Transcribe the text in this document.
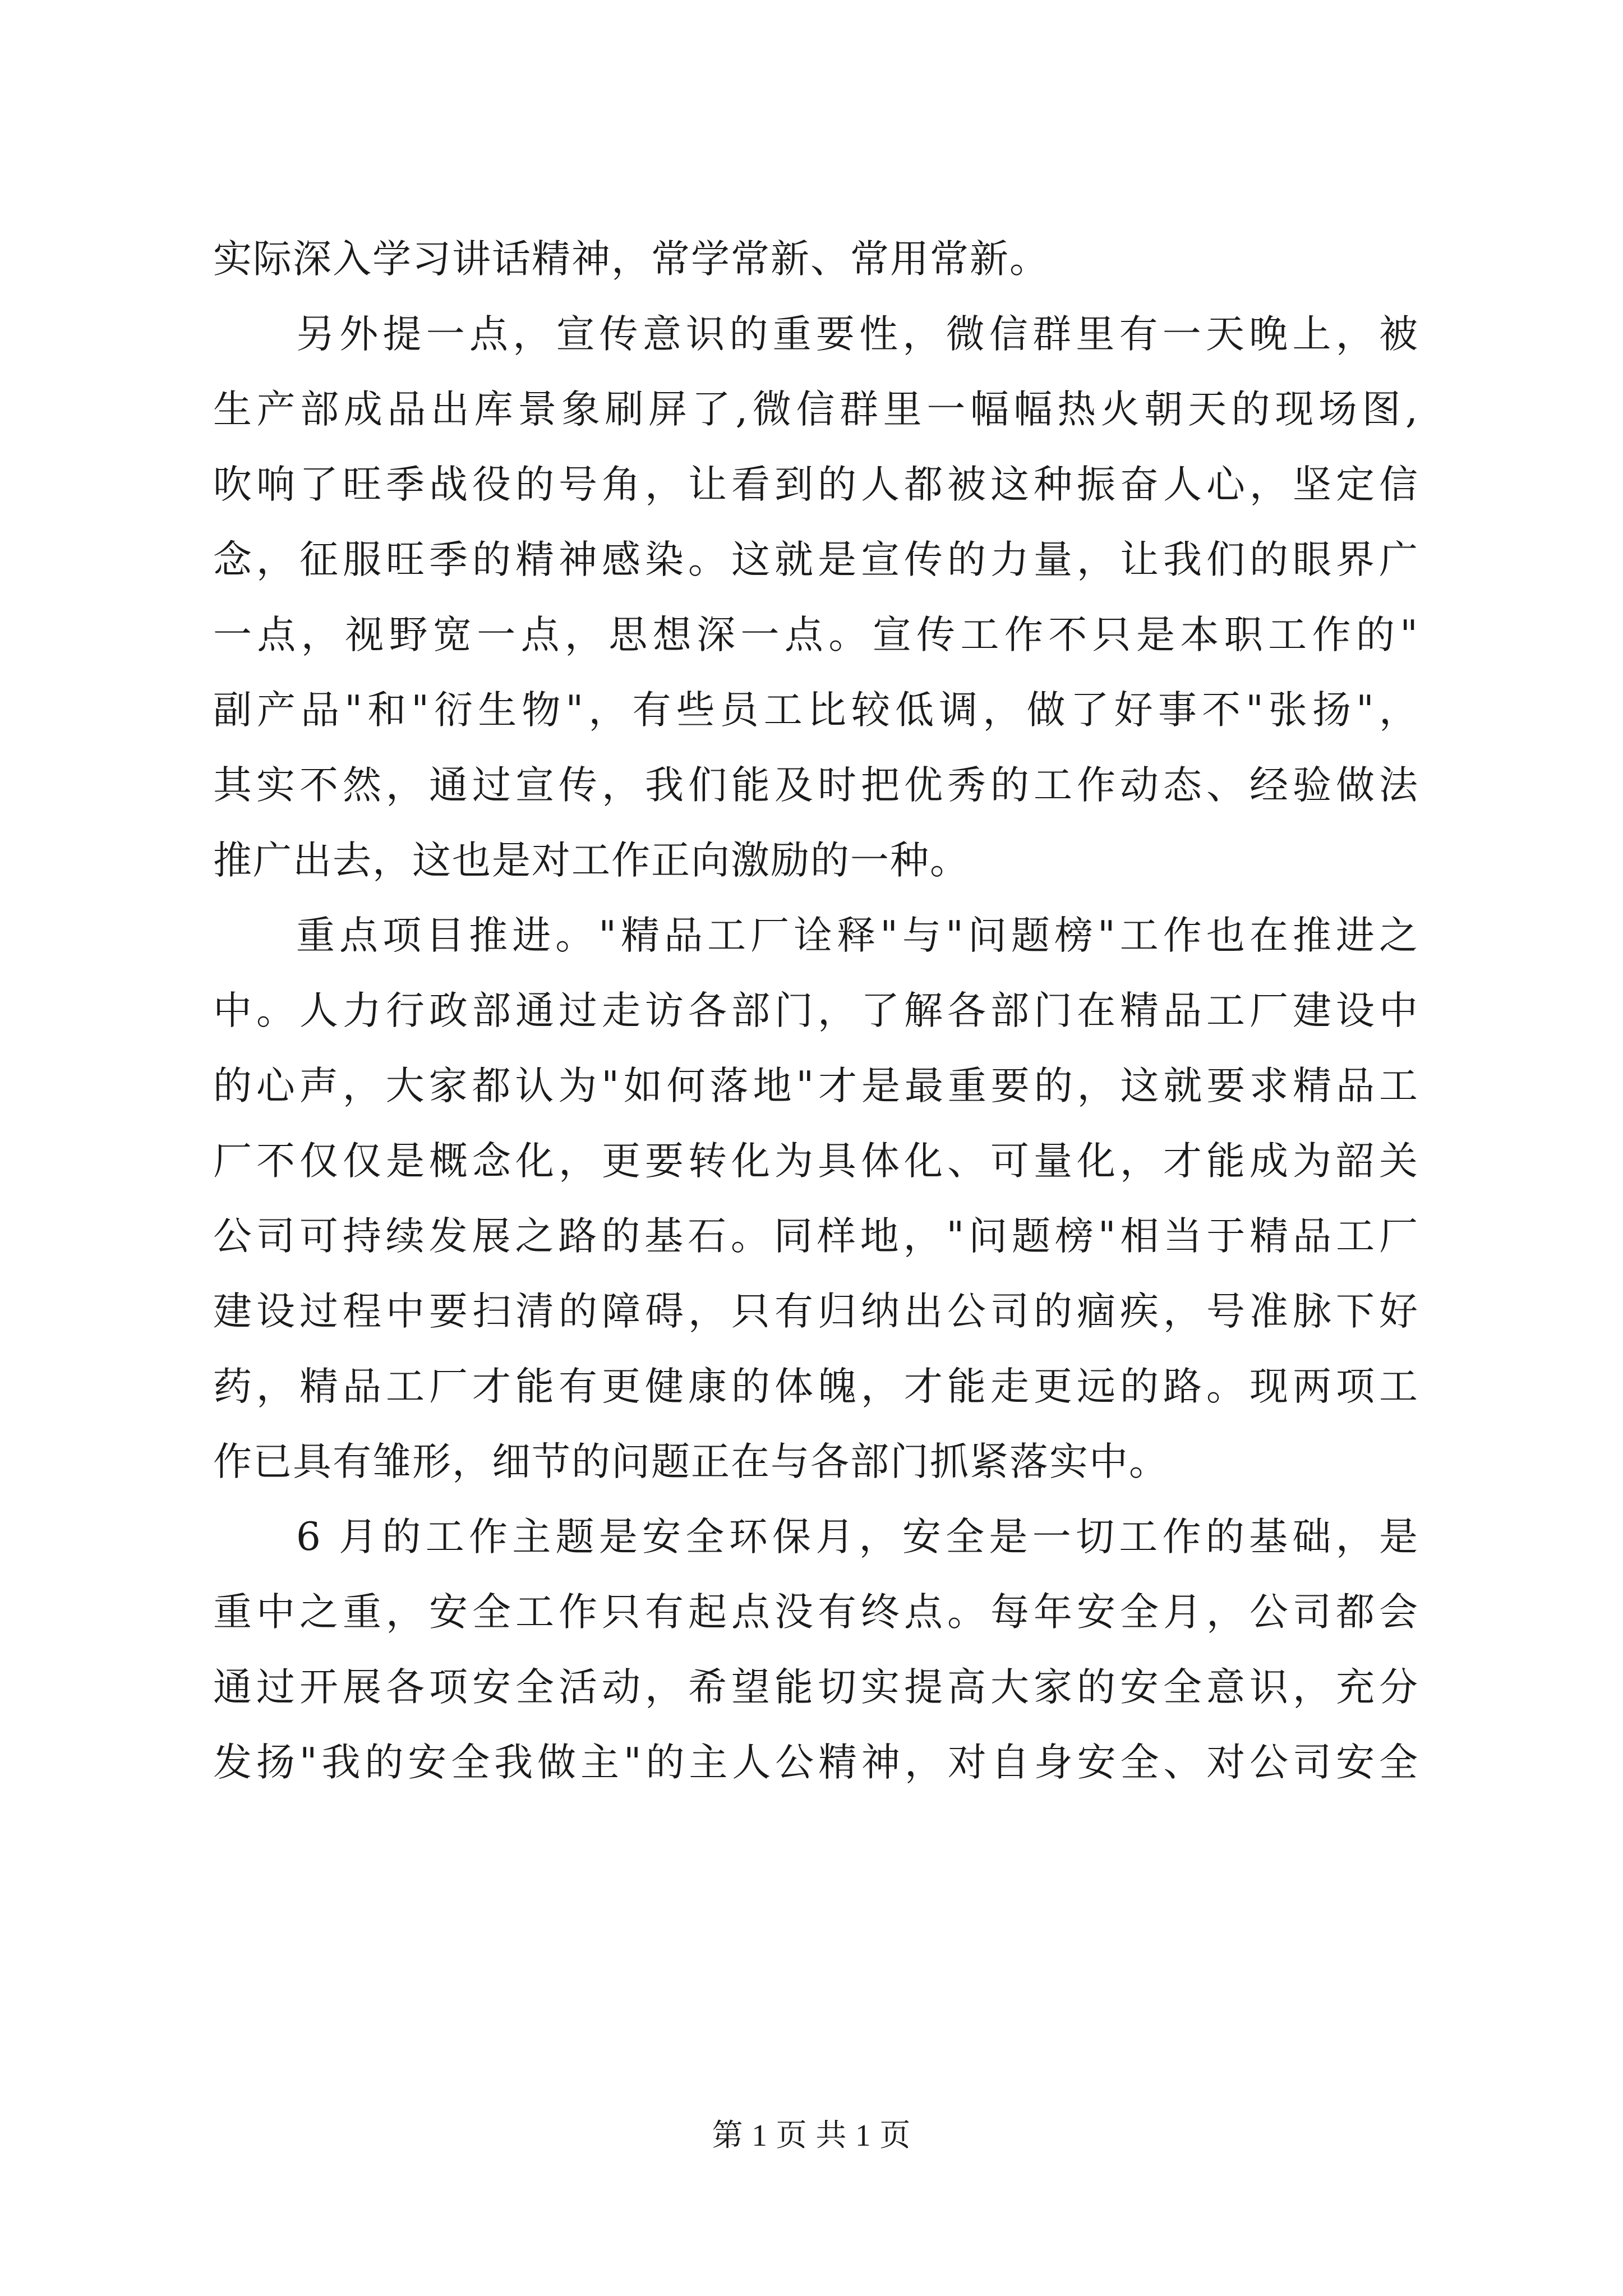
实际深入学习讲话精神，常学常新、常用常新。
另外提一点，宣传意识的重要性，微信群里有一天晚上，被
生产部成品出库景象刷屏了,微信群里一幅幅热火朝天的现场图,
吹响了旺季战役的号角，让看到的人都被这种振奋人心，坚定信
念，征服旺季的精神感染。这就是宣传的力量，让我们的眼界广
一点，视野宽一点，思想深一点。宣传工作不只是本职工作的"
副产品"和"衍生物"，有些员工比较低调，做了好事不"张扬"，
其实不然，通过宣传，我们能及时把优秀的工作动态、经验做法
推广出去，这也是对工作正向激励的一种。
重点项目推进。"精品工厂诠释"与"问题榜"工作也在推进之
中。人力行政部通过走访各部门，了解各部门在精品工厂建设中
的心声，大家都认为"如何落地"才是最重要的，这就要求精品工
厂不仅仅是概念化，更要转化为具体化、可量化，才能成为韶关
公司可持续发展之路的基石。同样地，"问题榜"相当于精品工厂
建设过程中要扫清的障碍，只有归纳出公司的痼疾，号准脉下好
药，精品工厂才能有更健康的体魄，才能走更远的路。现两项工
作已具有雏形，细节的问题正在与各部门抓紧落实中。
6 月的工作主题是安全环保月，安全是一切工作的基础，是
重中之重，安全工作只有起点没有终点。每年安全月，公司都会
通过开展各项安全活动，希望能切实提高大家的安全意识，充分
发扬"我的安全我做主"的主人公精神，对自身安全、对公司安全
第 1 页 共 1 页
